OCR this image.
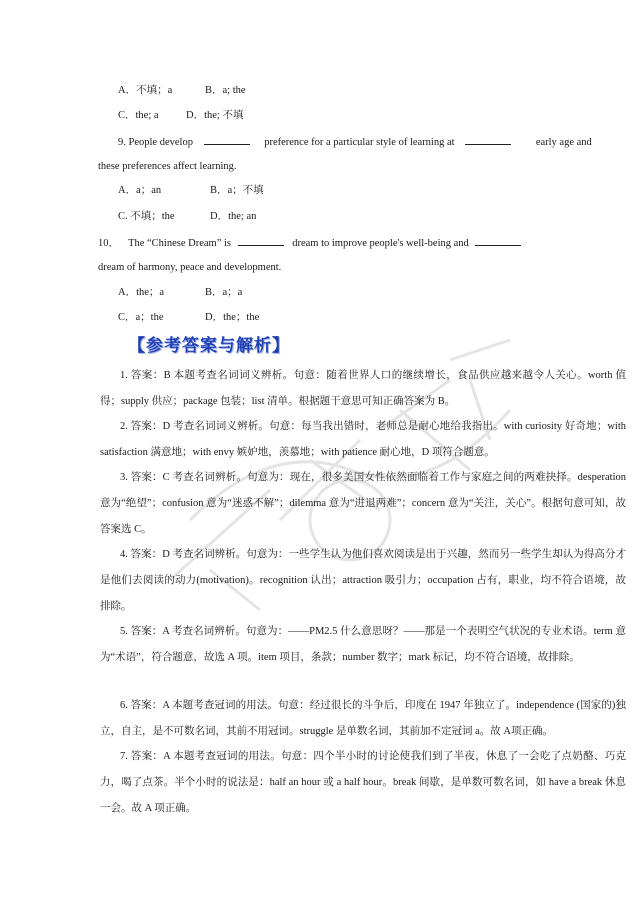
A．不填；a	B．a; the
C．the; a	D．the; 不填
9. People develop	preference for a particular style of learning at	early age and
these preferences affect learning.
A．a；an	B．a；不填
C. 不填；the	D．the; an
10． The “Chinese Dream” is	dream to improve people's well-being and
dream of harmony, peace and development.
A．the；a	B．a；a
C．a；the	D．the；the
【参考答案与解析】
1. 答案：B 本题考查名词词义辨析。句意：随着世界人口的继续增长，食品供应越来越令人关心。worth 值得；supply 供应；package 包装；list 清单。根据题干意思可知正确答案为 B。
2. 答案：D 考查名词词义辨析。句意：每当我出错时，老师总是耐心地给我指出。with curiosity 好奇地；with satisfaction 满意地；with envy 嫉妒地，羡慕地；with patience 耐心地，D 项符合题意。
3. 答案：C 考查名词辨析。句意为：现在，很多美国女性依然面临着工作与家庭之间的两难抉择。desperation 意为“绝望”；confusion 意为“迷惑不解”；dilemma 意为“进退两难”；concern 意为“关注，关心”。根据句意可知，故答案选 C。
4. 答案：D 考查名词辨析。句意为：一些学生认为他们喜欢阅读是出于兴趣，然而另一些学生却认为得高分才是他们去阅读的动力(motivation)。recognition 认出；attraction 吸引力；occupation 占有，职业，均不符合语境，故排除。
5. 答案：A 考查名词辨析。句意为：——PM2.5 什么意思呀？——那是一个表明空气状况的专业术语。term 意为“术语”，符合题意，故选 A 项。item 项目，条款；number 数字；mark 标记，均不符合语境，故排除。
6. 答案：A 本题考查冠词的用法。句意：经过很长的斗争后，印度在 1947 年独立了。independence (国家的)独立，自主，是不可数名词，其前不用冠词。struggle 是单数名词，其前加不定冠词 a。故 A项正确。
7. 答案：A 本题考查冠词的用法。句意：四个半小时的讨论使我们到了半夜，休息了一会吃了点奶酪、巧克力，喝了点茶。半个小时的说法是：half an hour 或 a half hour。break 间歇，是单数可数名词，如 have a break 休息一会。故 A 项正确。
